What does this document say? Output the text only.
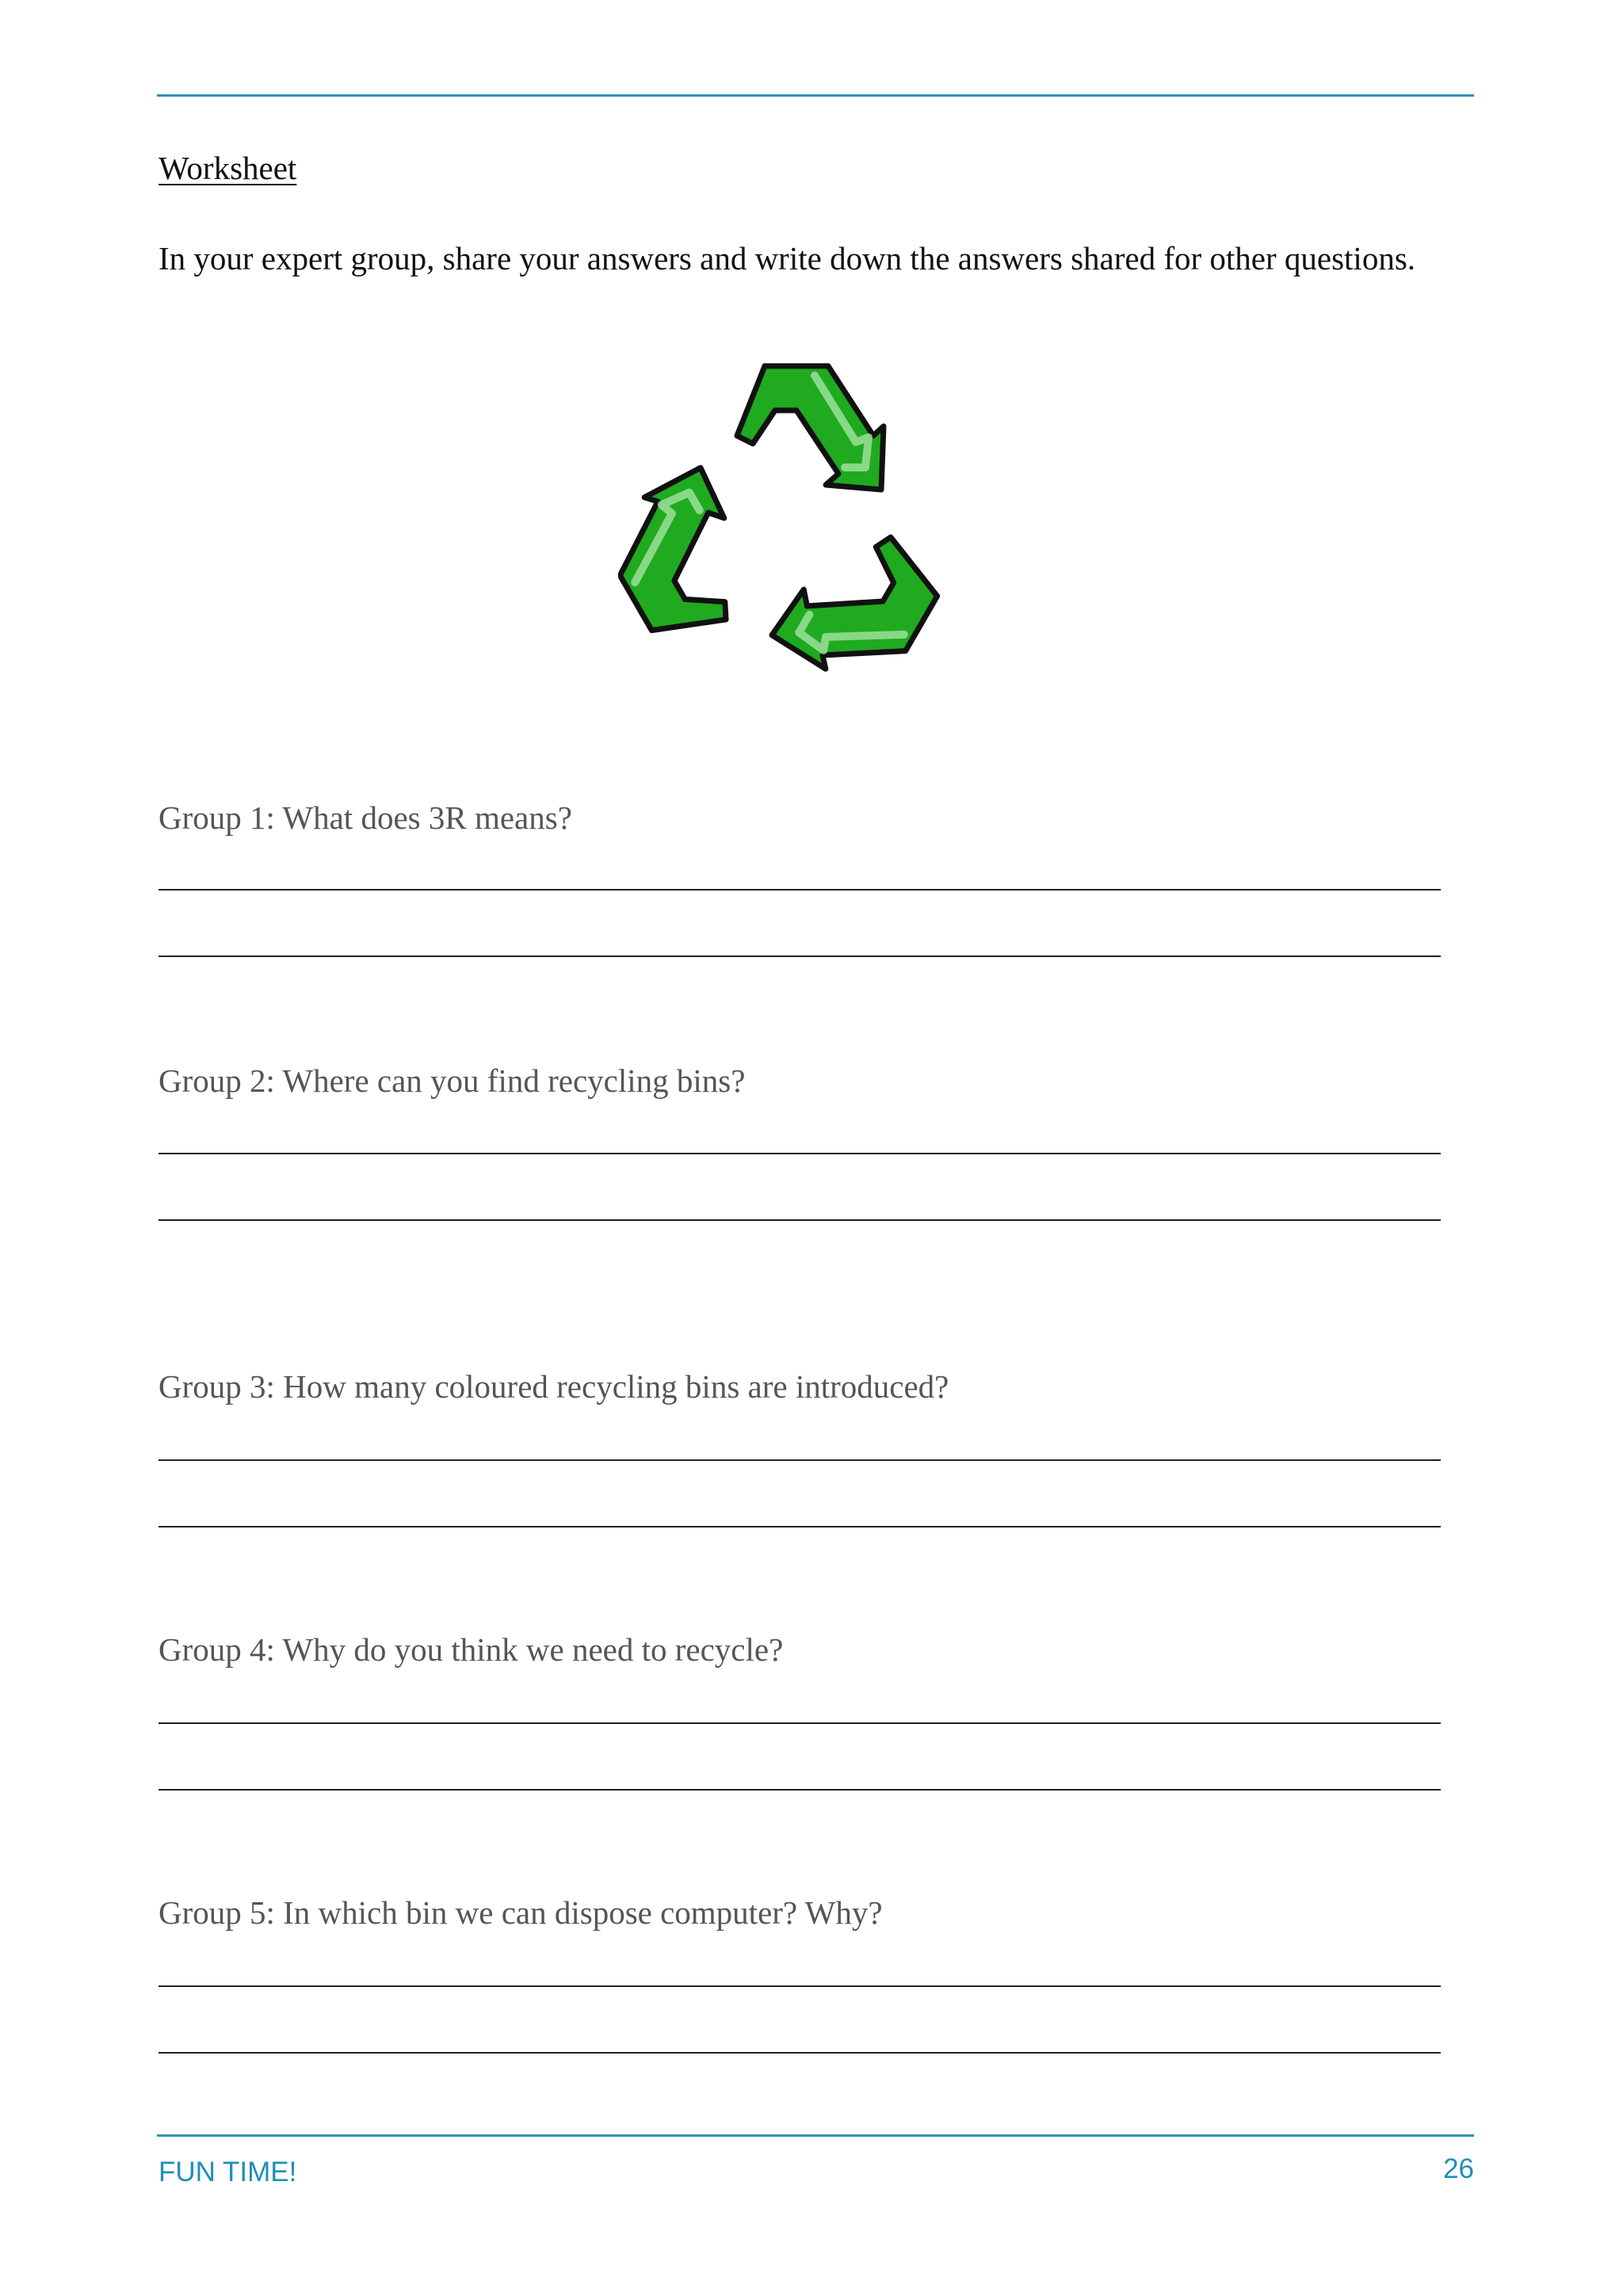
Worksheet
In your expert group, share your answers and write down the answers shared for other questions.
Group 1: What does 3R means?
Group 2: Where can you find recycling bins?
Group 3: How many coloured recycling bins are introduced?
Group 4: Why do you think we need to recycle?
Group 5: In which bin we can dispose computer? Why?
FUN TIME!	26
